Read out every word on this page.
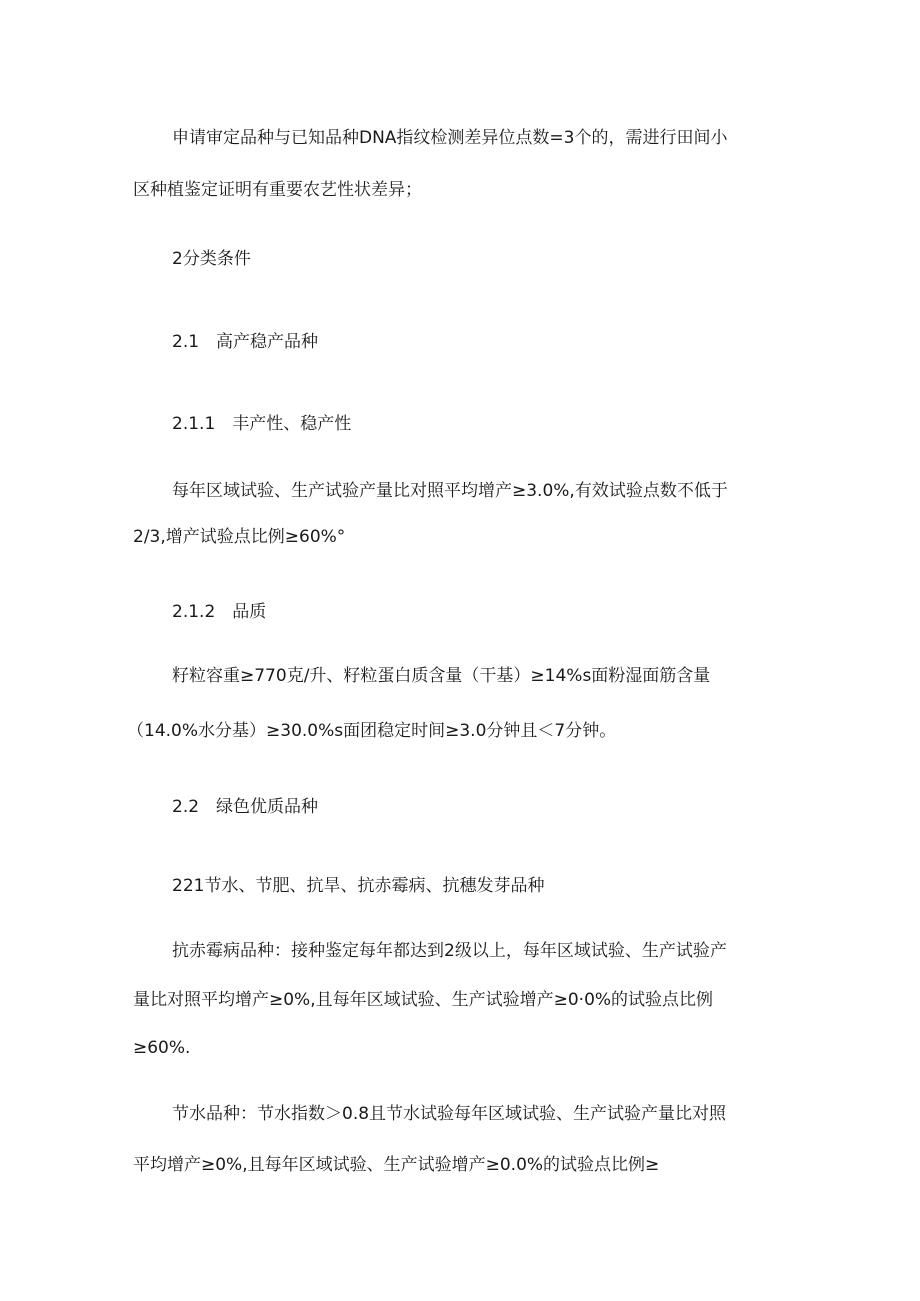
申请审定品种与已知品种DNA指纹检测差异位点数=3个的，需进行田间小
区种植鉴定证明有重要农艺性状差异；
2分类条件
2.1　高产稳产品种
2.1.1　丰产性、稳产性
每年区域试验、生产试验产量比对照平均增产≥3.0%,有效试验点数不低于
2/3,增产试验点比例≥60%°
2.1.2　品质
籽粒容重≥770克/升、籽粒蛋白质含量（干基）≥14%s面粉湿面筋含量
（14.0%水分基）≥30.0%s面团稳定时间≥3.0分钟且＜7分钟。
2.2　绿色优质品种
221节水、节肥、抗旱、抗赤霉病、抗穗发芽品种
抗赤霉病品种：接种鉴定每年都达到2级以上，每年区域试验、生产试验产
量比对照平均增产≥0%,且每年区域试验、生产试验增产≥0·0%的试验点比例
≥60%.
节水品种：节水指数＞0.8且节水试验每年区域试验、生产试验产量比对照
平均增产≥0%,且每年区域试验、生产试验增产≥0.0%的试验点比例≥
